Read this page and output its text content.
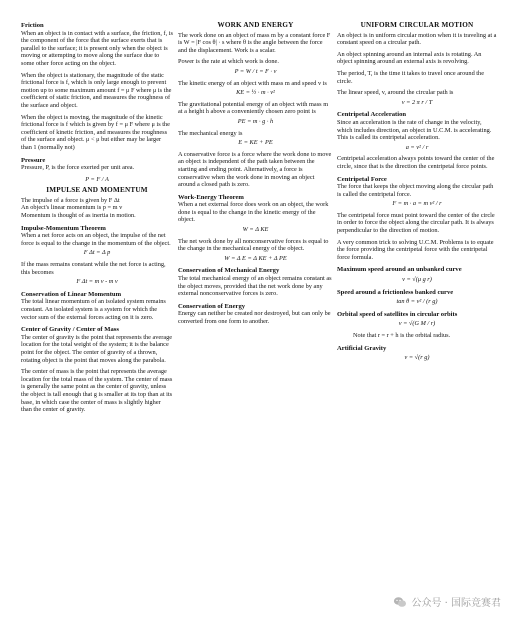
Friction

When an object is in contact with a surface, the friction, f, is the component of the force that the surface exerts that is parallel to the surface; it is present only when the object is moving or attempting to move along the surface due to some other force acting on the object.

When the object is stationary, the magnitude of the static frictional force is f, which is only large enough to prevent motion up to some maximum amount f = μ F where μ is the coefficient of static friction, and measures the roughness of the surface and object.

When the object is moving, the magnitude of the kinetic frictional force is f which is given by f = μ F where μ is the coefficient of kinetic friction, and measures the roughness of the surface and object. μ < μ but either may be larger than 1 (normally not)

Pressure

Pressure, P, is the force exerted per unit area.

P = F / A
IMPULSE AND MOMENTUM

The impulse of a force is given by F Δt

An object's linear momentum is p = m v

Momentum is thought of as inertia in motion.

Impulse-Momentum Theorem

When a net force acts on an object, the impulse of the net force is equal to the change in the momentum of the object.

F Δt = Δ p

If the mass remains constant while the net force is acting, this becomes

F Δt = m v - m v
Conservation of Linear Momentum

The total linear momentum of an isolated system remains constant. An isolated system is a system for which the vector sum of the external forces acting on it is zero.

Center of Gravity / Center of Mass

The center of gravity is the point that represents the average location for the total weight of the system; it is the balance point for the object. The center of gravity of a thrown, rotating object is the point that moves along the parabola.

The center of mass is the point that represents the average location for the total mass of the system. The center of mass is generally the same point as the center of gravity, unless the object is tall enough that g is smaller at its top than at its base, in which case the center of mass is slightly higher than the center of gravity.

WORK AND ENERGY

The work done on an object of mass m by a constant force F is W = |F cos θ| · s where θ is the angle between the force and the displacement. Work is a scalar.

Power is the rate at which work is done.

P = W / t = F · v

The kinetic energy of an object with mass m and speed v is

KE = ½ · m · v²

The gravitational potential energy of an object with mass m at a height h above a conveniently chosen zero point is

PE = m · g · h

The mechanical energy is

E = KE + PE

A conservative force is a force where the work done to move an object is independent of the path taken between the starting and ending point. Alternatively, a force is conservative when the work done in moving an object around a closed path is zero.

Work-Energy Theorem

When a net external force does work on an object, the work done is equal to the change in the kinetic energy of the object.

W = Δ KE

The net work done by all nonconservative forces is equal to the change in the mechanical energy of the object.

W = Δ E = Δ KE + Δ PE
Conservation of Mechanical Energy

The total mechanical energy of an object remains constant as the object moves, provided that the net work done by any external nonconservative forces is zero.

Conservation of Energy

Energy can neither be created nor destroyed, but can only be converted from one form to another.

UNIFORM CIRCULAR MOTION

An object is in uniform circular motion when it is traveling at a constant speed on a circular path.

An object spinning around an internal axis is rotating. An object spinning around an external axis is revolving.

The period, T, is the time it takes to travel once around the circle.

The linear speed, v, around the circular path is

v = 2 π r / T
Centripetal Acceleration

Since an acceleration is the rate of change in the velocity, which includes direction, an object in U.C.M. is accelerating. This is called its centripetal acceleration.

a = v² / r

Centripetal acceleration always points toward the center of the circle, since that is the direction the centripetal force points.

Centripetal Force

The force that keeps the object moving along the circular path is called the centripetal force.

F = m · a = m v² / r

The centripetal force must point toward the center of the circle in order to force the object along the circular path. It is always perpendicular to the direction of motion.

A very common trick to solving U.C.M. Problems is to equate the force providing the centripetal force with the centripetal force formula.

Maximum speed around an unbanked curve
v = √(μ g r)
Speed around a frictionless banked curve
tan θ = v² / (r g)
Orbital speed of satellites in circular orbits
v = √(G M / r)

Note that r = r + h is the orbital radius.

Artificial Gravity
v = √(r g)
公众号 · 国际竞赛君
